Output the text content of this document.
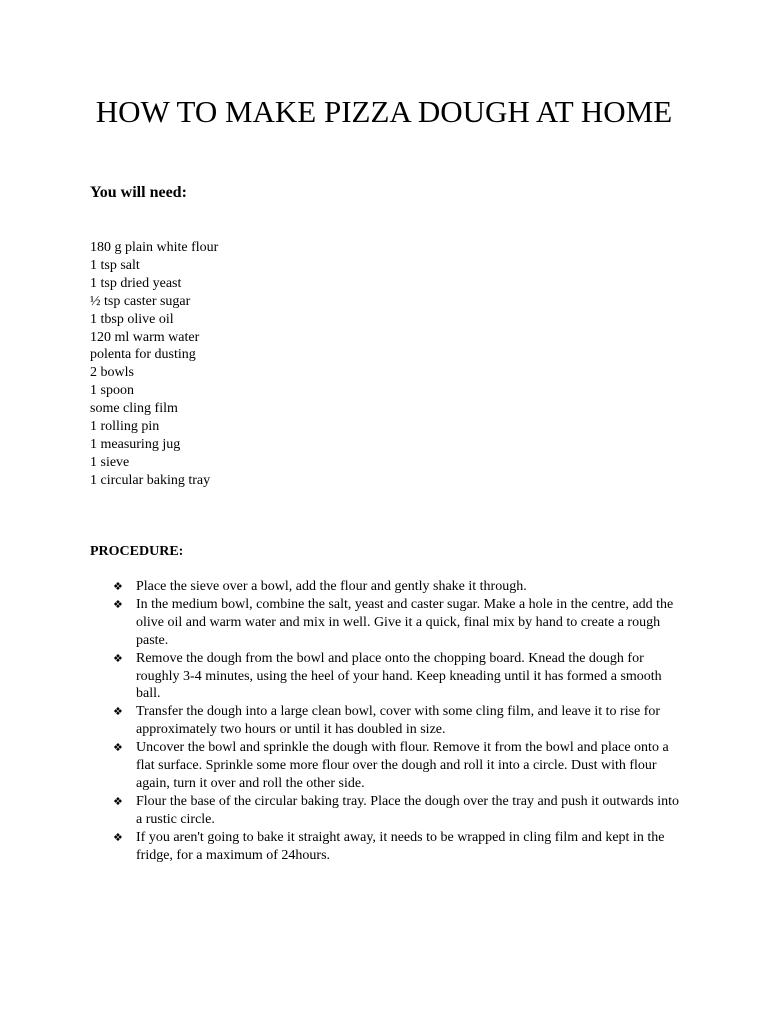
HOW TO MAKE PIZZA DOUGH AT HOME
You will need:
180 g plain white flour
1 tsp salt
1 tsp dried yeast
½ tsp caster sugar
1 tbsp olive oil
120 ml warm water
polenta for dusting
2 bowls
1 spoon
some cling film
1 rolling pin
1 measuring jug
1 sieve
1 circular baking tray
PROCEDURE:
❖ Place the sieve over a bowl, add the flour and gently shake it through.
❖ In the medium bowl, combine the salt, yeast and caster sugar. Make a hole in the centre, add the olive oil and warm water and mix in well. Give it a quick, final mix by hand to create a rough paste.
❖ Remove the dough from the bowl and place onto the chopping board. Knead the dough for roughly 3-4 minutes, using the heel of your hand. Keep kneading until it has formed a smooth ball.
❖ Transfer the dough into a large clean bowl, cover with some cling film, and leave it to rise for approximately two hours or until it has doubled in size.
❖ Uncover the bowl and sprinkle the dough with flour. Remove it from the bowl and place onto a flat surface. Sprinkle some more flour over the dough and roll it into a circle. Dust with flour again, turn it over and roll the other side.
❖ Flour the base of the circular baking tray. Place the dough over the tray and push it outwards into a rustic circle.
❖ If you aren't going to bake it straight away, it needs to be wrapped in cling film and kept in the fridge, for a maximum of 24hours.
